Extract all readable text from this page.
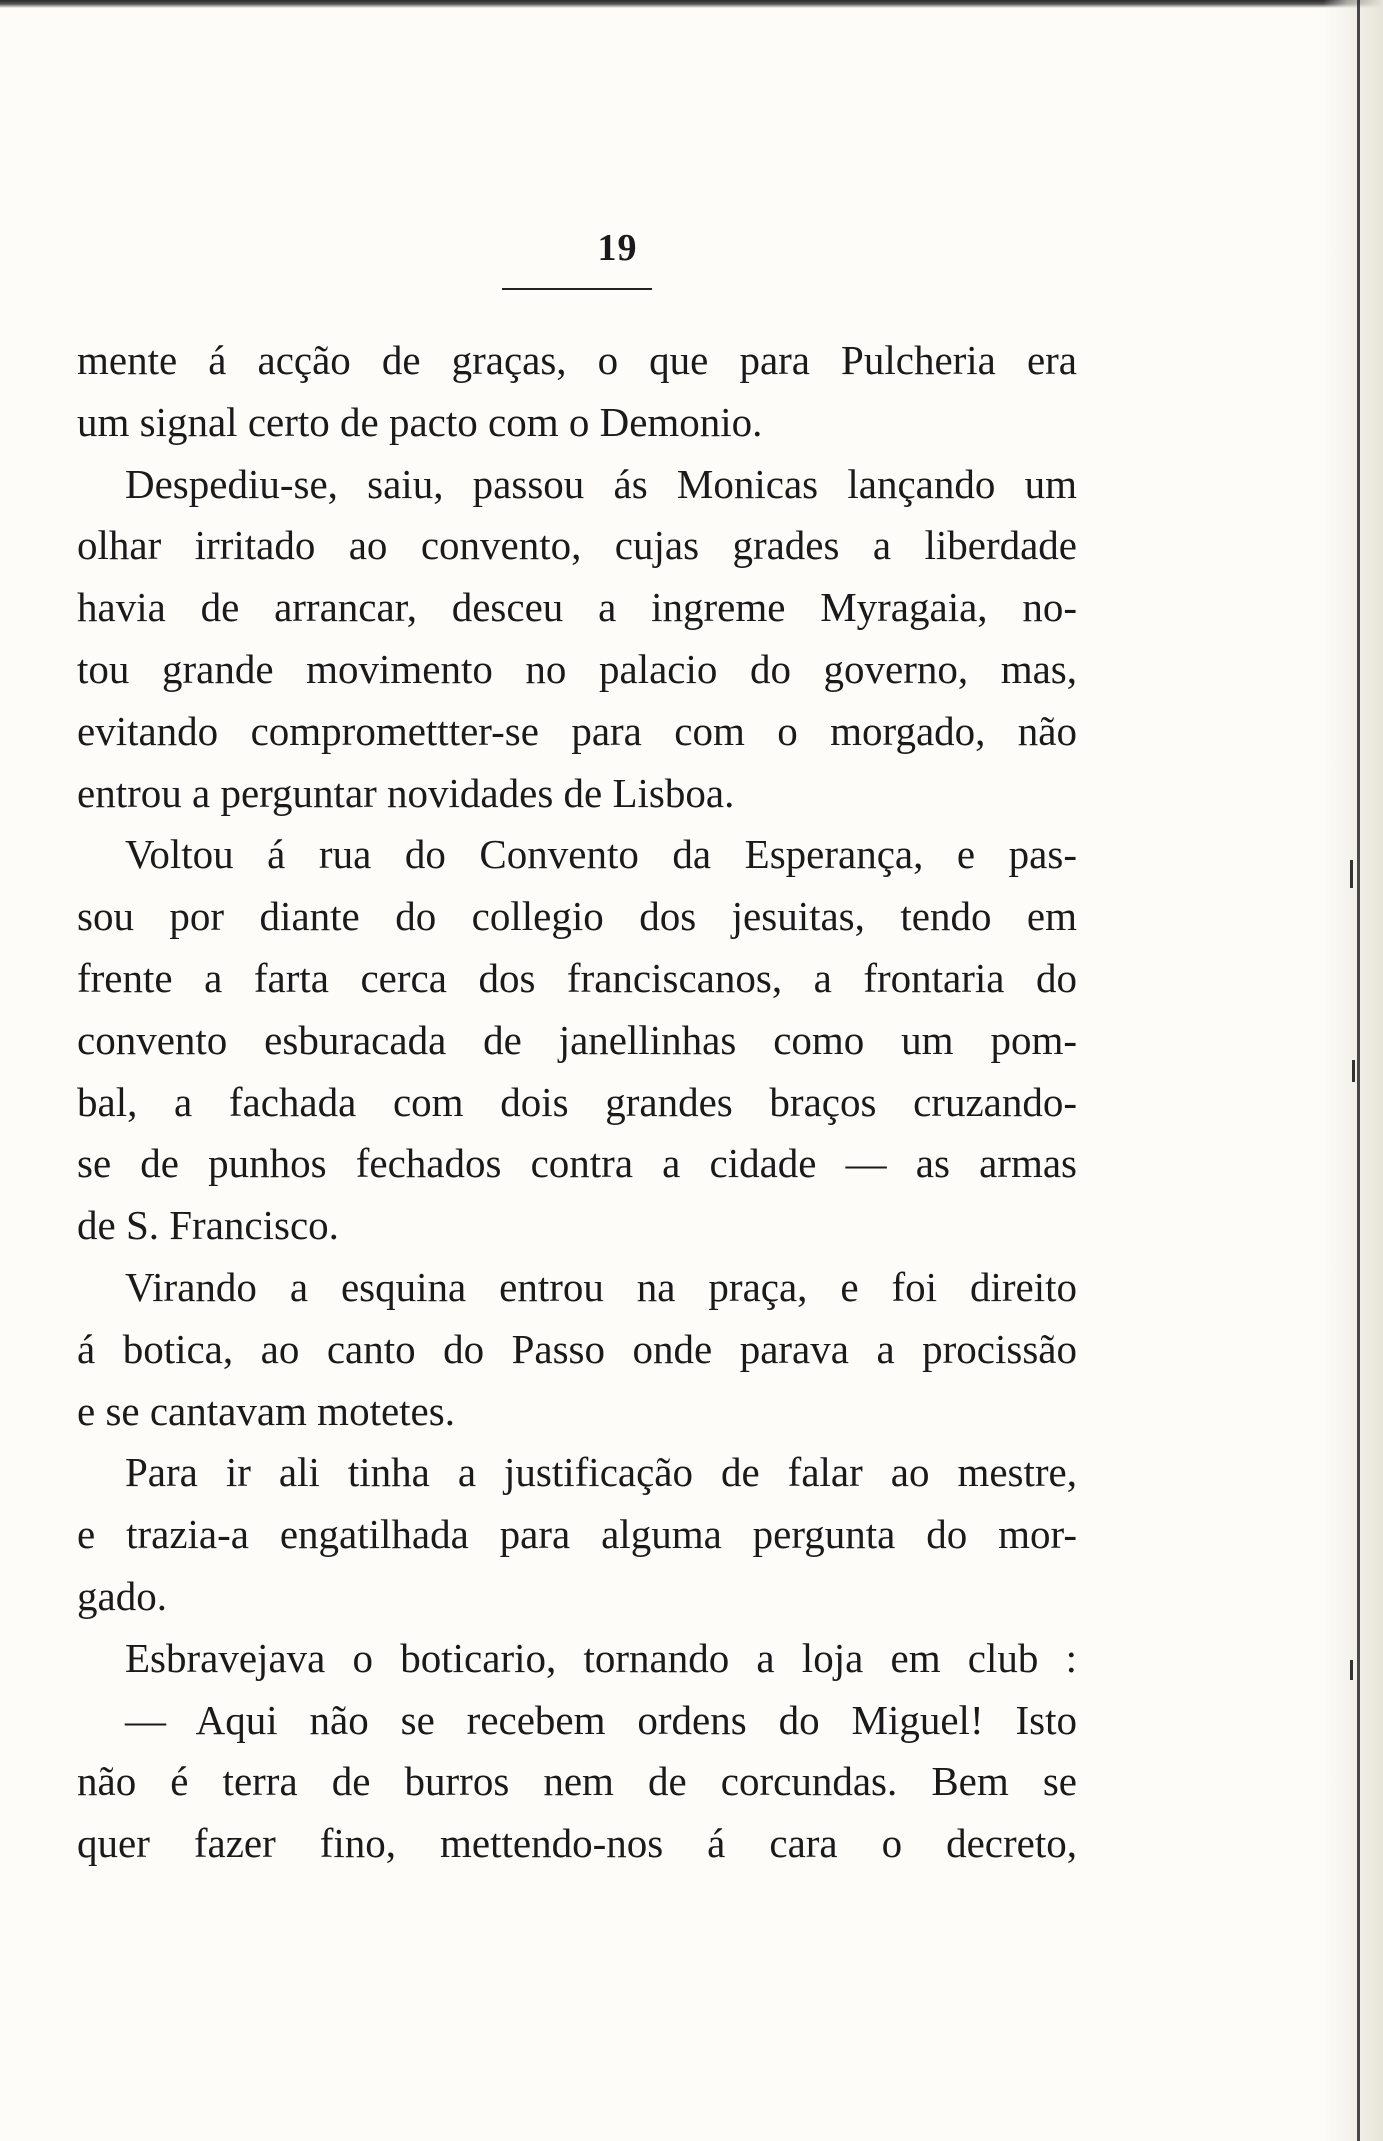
19
mente á acção de graças, o que para Pulcheria era
um signal certo de pacto com o Demonio.
Despediu-se, saiu, passou ás Monicas lançando um
olhar irritado ao convento, cujas grades a liberdade
havia de arrancar, desceu a ingreme Myragaia, no-
tou grande movimento no palacio do governo, mas,
evitando compromettter-se para com o morgado, não
entrou a perguntar novidades de Lisboa.
Voltou á rua do Convento da Esperança, e pas-
sou por diante do collegio dos jesuitas, tendo em
frente a farta cerca dos franciscanos, a frontaria do
convento esburacada de janellinhas como um pom-
bal, a fachada com dois grandes braços cruzando-
se de punhos fechados contra a cidade — as armas
de S. Francisco.
Virando a esquina entrou na praça, e foi direito
á botica, ao canto do Passo onde parava a procissão
e se cantavam motetes.
Para ir ali tinha a justificação de falar ao mestre,
e trazia-a engatilhada para alguma pergunta do mor-
gado.
Esbravejava o boticario, tornando a loja em club :
— Aqui não se recebem ordens do Miguel! Isto
não é terra de burros nem de corcundas. Bem se
quer fazer fino, mettendo-nos á cara o decreto,
